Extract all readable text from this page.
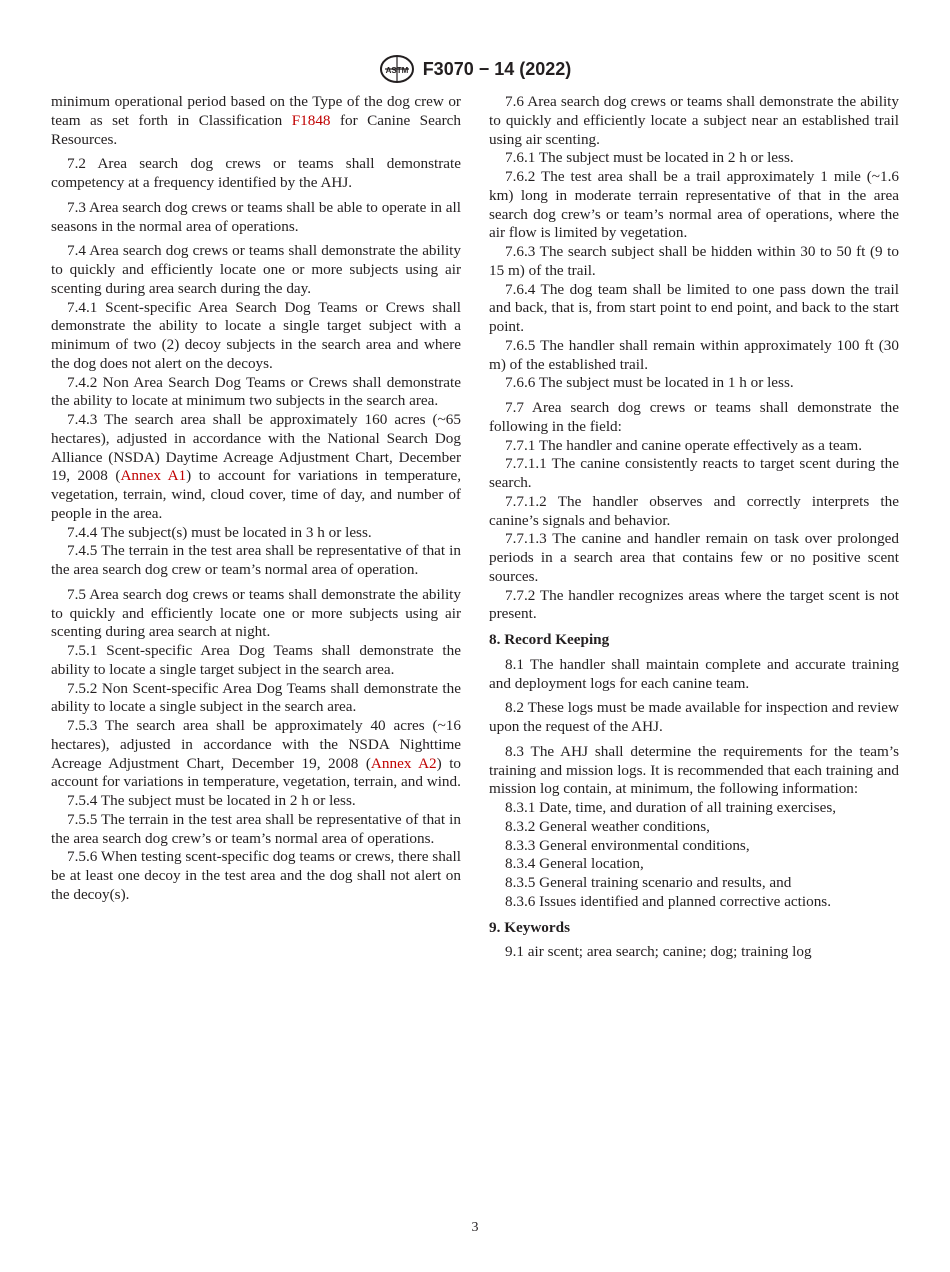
ASTM F3070 − 14 (2022)

minimum operational period based on the Type of the dog crew or team as set forth in Classification F1848 for Canine Search Resources.

7.2 Area search dog crews or teams shall demonstrate competency at a frequency identified by the AHJ.

7.3 Area search dog crews or teams shall be able to operate in all seasons in the normal area of operations.

7.4 Area search dog crews or teams shall demonstrate the ability to quickly and efficiently locate one or more subjects using air scenting during area search during the day.

7.4.1 Scent-specific Area Search Dog Teams or Crews shall demonstrate the ability to locate a single target subject with a minimum of two (2) decoy subjects in the search area and where the dog does not alert on the decoys.

7.4.2 Non Area Search Dog Teams or Crews shall demonstrate the ability to locate at minimum two subjects in the search area.

7.4.3 The search area shall be approximately 160 acres (~65 hectares), adjusted in accordance with the National Search Dog Alliance (NSDA) Daytime Acreage Adjustment Chart, December 19, 2008 (Annex A1) to account for variations in temperature, vegetation, terrain, wind, cloud cover, time of day, and number of people in the area.

7.4.4 The subject(s) must be located in 3 h or less.

7.4.5 The terrain in the test area shall be representative of that in the area search dog crew or team’s normal area of operation.

7.5 Area search dog crews or teams shall demonstrate the ability to quickly and efficiently locate one or more subjects using air scenting during area search at night.

7.5.1 Scent-specific Area Dog Teams shall demonstrate the ability to locate a single target subject in the search area.

7.5.2 Non Scent-specific Area Dog Teams shall demonstrate the ability to locate a single subject in the search area.

7.5.3 The search area shall be approximately 40 acres (~16 hectares), adjusted in accordance with the NSDA Nighttime Acreage Adjustment Chart, December 19, 2008 (Annex A2) to account for variations in temperature, vegetation, terrain, and wind.

7.5.4 The subject must be located in 2 h or less.

7.5.5 The terrain in the test area shall be representative of that in the area search dog crew’s or team’s normal area of operations.

7.5.6 When testing scent-specific dog teams or crews, there shall be at least one decoy in the test area and the dog shall not alert on the decoy(s).

7.6 Area search dog crews or teams shall demonstrate the ability to quickly and efficiently locate a subject near an established trail using air scenting.

7.6.1 The subject must be located in 2 h or less.

7.6.2 The test area shall be a trail approximately 1 mile (~1.6 km) long in moderate terrain representative of that in the area search dog crew’s or team’s normal area of operations, where the air flow is limited by vegetation.

7.6.3 The search subject shall be hidden within 30 to 50 ft (9 to 15 m) of the trail.

7.6.4 The dog team shall be limited to one pass down the trail and back, that is, from start point to end point, and back to the start point.

7.6.5 The handler shall remain within approximately 100 ft (30 m) of the established trail.

7.6.6 The subject must be located in 1 h or less.

7.7 Area search dog crews or teams shall demonstrate the following in the field:

7.7.1 The handler and canine operate effectively as a team.

7.7.1.1 The canine consistently reacts to target scent during the search.

7.7.1.2 The handler observes and correctly interprets the canine’s signals and behavior.

7.7.1.3 The canine and handler remain on task over prolonged periods in a search area that contains few or no positive scent sources.

7.7.2 The handler recognizes areas where the target scent is not present.

8. Record Keeping

8.1 The handler shall maintain complete and accurate training and deployment logs for each canine team.

8.2 These logs must be made available for inspection and review upon the request of the AHJ.

8.3 The AHJ shall determine the requirements for the team’s training and mission logs. It is recommended that each training and mission log contain, at minimum, the following information:

8.3.1 Date, time, and duration of all training exercises,

8.3.2 General weather conditions,

8.3.3 General environmental conditions,

8.3.4 General location,

8.3.5 General training scenario and results, and

8.3.6 Issues identified and planned corrective actions.

9. Keywords

9.1 air scent; area search; canine; dog; training log

3
